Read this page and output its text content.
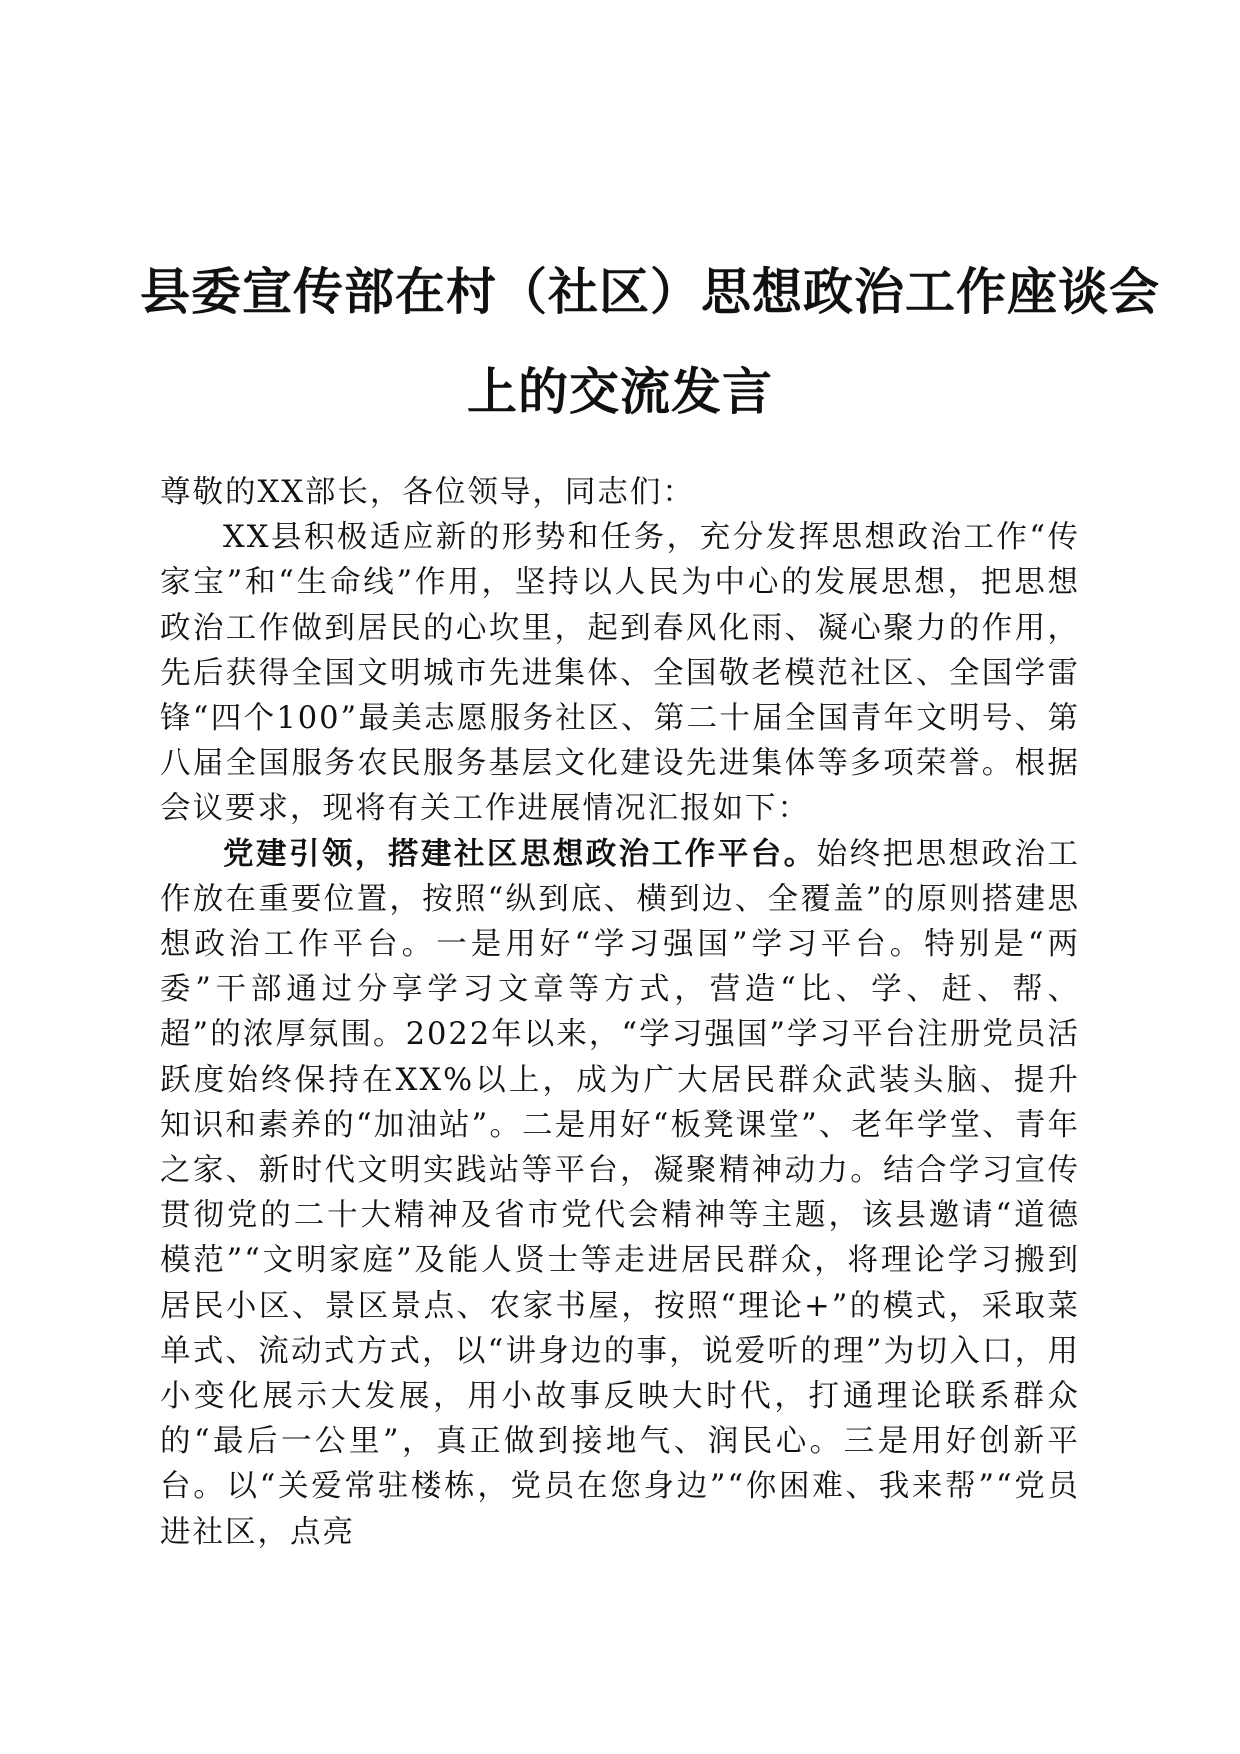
县委宣传部在村（社区）思想政治工作座谈会
上的交流发言

尊敬的XX部长，各位领导，同志们：

XX县积极适应新的形势和任务，充分发挥思想政治工作“传家宝”和“生命线”作用，坚持以人民为中心的发展思想，把思想政治工作做到居民的心坎里，起到春风化雨、凝心聚力的作用，先后获得全国文明城市先进集体、全国敬老模范社区、全国学雷锋“四个100”最美志愿服务社区、第二十届全国青年文明号、第八届全国服务农民服务基层文化建设先进集体等多项荣誉。根据会议要求，现将有关工作进展情况汇报如下：

党建引领，搭建社区思想政治工作平台。始终把思想政治工作放在重要位置，按照“纵到底、横到边、全覆盖”的原则搭建思想政治工作平台。一是用好“学习强国”学习平台。特别是“两委”干部通过分享学习文章等方式，营造“比、学、赶、帮、超”的浓厚氛围。2022年以来，“学习强国”学习平台注册党员活跃度始终保持在XX%以上，成为广大居民群众武装头脑、提升知识和素养的“加油站”。二是用好“板凳课堂”、老年学堂、青年之家、新时代文明实践站等平台，凝聚精神动力。结合学习宣传贯彻党的二十大精神及省市党代会精神等主题，该县邀请“道德模范”“文明家庭”及能人贤士等走进居民群众，将理论学习搬到居民小区、景区景点、农家书屋，按照“理论+”的模式，采取菜单式、流动式方式，以“讲身边的事，说爱听的理”为切入口，用小变化展示大发展，用小故事反映大时代，打通理论联系群众的“最后一公里”，真正做到接地气、润民心。三是用好创新平台。以“关爱常驻楼栋，党员在您身边”“你困难、我来帮”“党员进社区，点亮
